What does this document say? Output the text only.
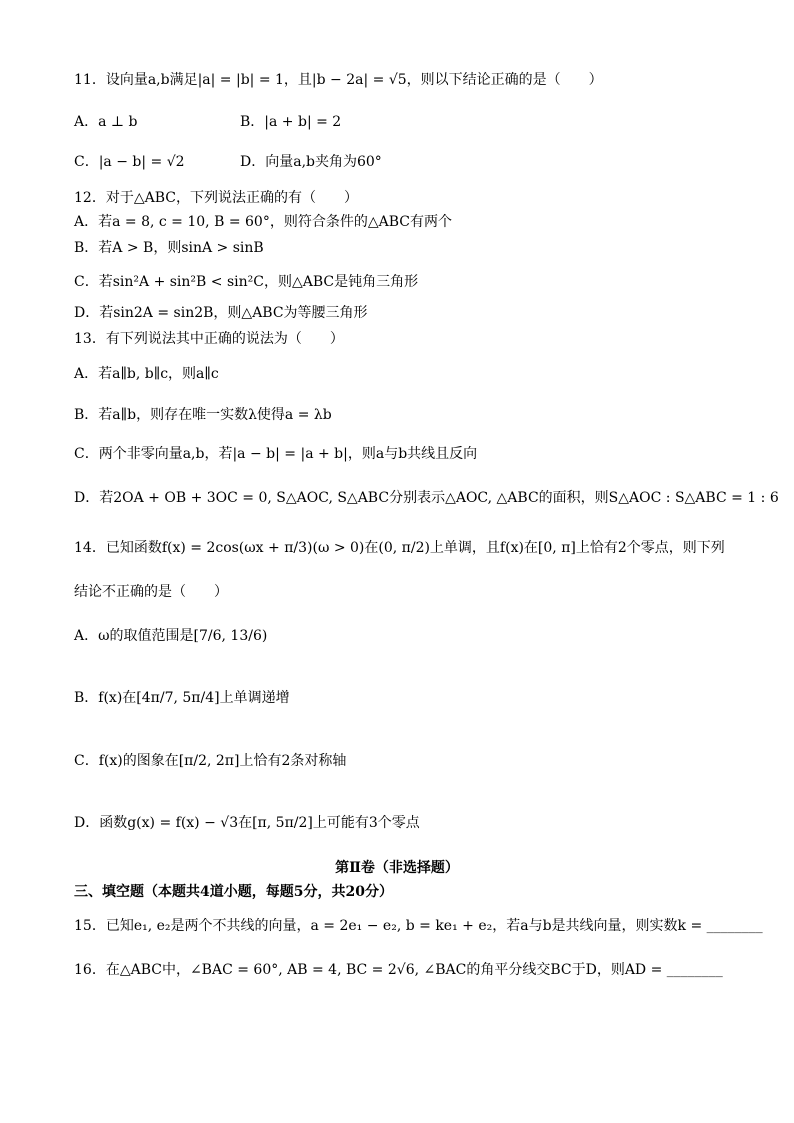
11．设向量a,b满足|a| = |b| = 1，且|b − 2a| = √5，则以下结论正确的是（　　）
A．a ⊥ b	B．|a + b| = 2
C．|a − b| = √2	D．向量a,b夹角为60°
12．对于△ABC，下列说法正确的有（　　）
A．若a = 8, c = 10, B = 60°，则符合条件的△ABC有两个
B．若A > B，则sinA > sinB
C．若sin²A + sin²B < sin²C，则△ABC是钝角三角形
D．若sin2A = sin2B，则△ABC为等腰三角形
13．有下列说法其中正确的说法为（　　）
A．若a∥b, b∥c，则a∥c
B．若a∥b，则存在唯一实数λ使得a = λb
C．两个非零向量a,b，若|a − b| = |a + b|，则a与b共线且反向
D．若2OA + OB + 3OC = 0, S△AOC, S△ABC分别表示△AOC, △ABC的面积，则S△AOC : S△ABC = 1 : 6
14．已知函数f(x) = 2cos(ωx + π/3)(ω > 0)在(0, π/2)上单调，且f(x)在[0, π]上恰有2个零点，则下列
结论不正确的是（　　）
A．ω的取值范围是[7/6, 13/6)
B．f(x)在[4π/7, 5π/4]上单调递增
C．f(x)的图象在[π/2, 2π]上恰有2条对称轴
D．函数g(x) = f(x) − √3在[π, 5π/2]上可能有3个零点
第Ⅱ卷（非选择题）
三、填空题（本题共4道小题，每题5分，共20分）
15．已知e₁, e₂是两个不共线的向量，a = 2e₁ − e₂, b = ke₁ + e₂，若a与b是共线向量，则实数k = ________
16．在△ABC中，∠BAC = 60°, AB = 4, BC = 2√6, ∠BAC的角平分线交BC于D，则AD = ________
